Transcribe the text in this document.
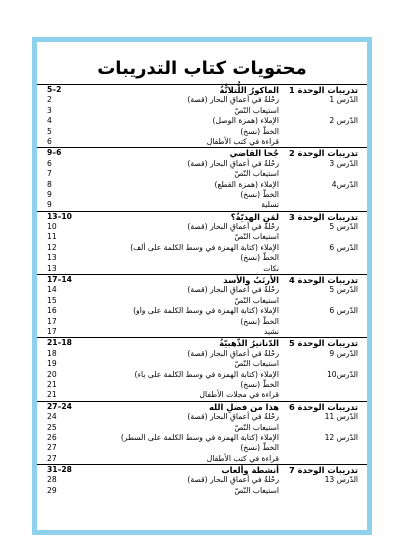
محتويات كتاب التدريبات
تدريبات الوحدة 1
الماكورُ اللُّتلانُّةُ
5–2
الدّرس 1
رحْلةٌ في أعماقِ البحار (قصة)
2
استيعاب النّصّ
3
الدّرس 2
الإملاء (همزة الوصل)
4
الخطّ (نسخ)
5
قراءة في كتب الأطفال
6
تدريبات الوحدة 2
جُحا القاضي
9–6
الدّرس 3
رحْلةٌ في أعماقِ البحار (قصة)
6
استيعاب النّصّ
7
الدّرس4
الإملاء (همزة القطع)
8
الخطّ (نسخ)
9
تسلية
9
تدريبات الوحدة 3
لمَنِ الهديّةُ؟
13–10
الدّرس 5
رحْلةٌ في أعماقِ البحار (قصة)
10
استيعاب النّصّ
11
الدّرس 6
الإملاء (كتابة الهمزة في وسط الكلمة على ألف)
12
الخطّ (نسخ)
13
نكات
13
تدريبات الوحدة 4
الأرنَبُ والأسد
17–14
الدّرس 5
رحْلةٌ في أعماقِ البحار (قصة)
14
استيعاب النّصّ
15
الدّرس 6
الإملاء (كتابة الهمزة في وسط الكلمة على واو)
16
الخطّ (نسخ)
17
نشيد
17
تدريبات الوحدة 5
الدّنانيرُ الذّهبيّةُ
21–18
الدّرس 9
رحْلةٌ في أعماقِ البحار (قصة)
18
استيعاب النّصّ
19
الدّرس10
الإملاء (كتابة الهمزة في وسط الكلمة على ياء)
20
الخطّ (نسخ)
21
قراءة في مجلات الأطفال
21
تدريبات الوحدة 6
هذا من فضلِ الله
27–24
الدّرس 11
رحْلةٌ في أعماقِ البحار (قصة)
24
استيعاب النّصّ
25
الدّرس 12
الإملاء (كتابة الهمزة في وسط الكلمة على السطر)
26
الخطّ (نسخ)
27
قراءة في كتب الأطفال
27
تدريبات الوحدة 7
أنشطة وألعاب
31–28
الدّرس 13
رحْلةٌ في أعماقِ البحار (قصة)
28
استيعاب النّصّ
29
